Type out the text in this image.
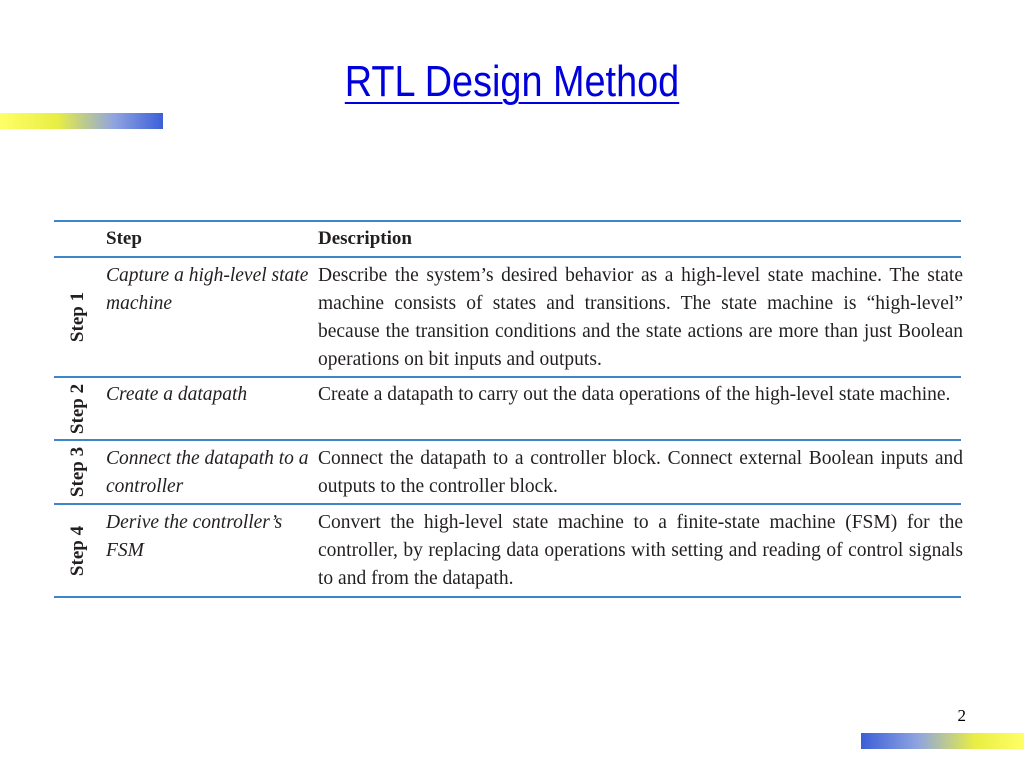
RTL Design Method
Step	Description
Step 1
Capture a high-level state machine
Describe the system’s desired behavior as a high-level state machine. The state machine consists of states and transitions. The state machine is “high-level” because the transition conditions and the state actions are more than just Boolean operations on bit inputs and outputs.
Step 2 Create a datapath	Create a datapath to carry out the data operations of the high-level state machine.
Step 3 Connect the datapath to a controller
Connect the datapath to a controller block. Connect external Boolean inputs and outputs to the controller block.
Step 4
Derive the controller’s FSM
Convert the high-level state machine to a finite-state machine (FSM) for the controller, by replacing data operations with setting and reading of control signals to and from the datapath.
2
